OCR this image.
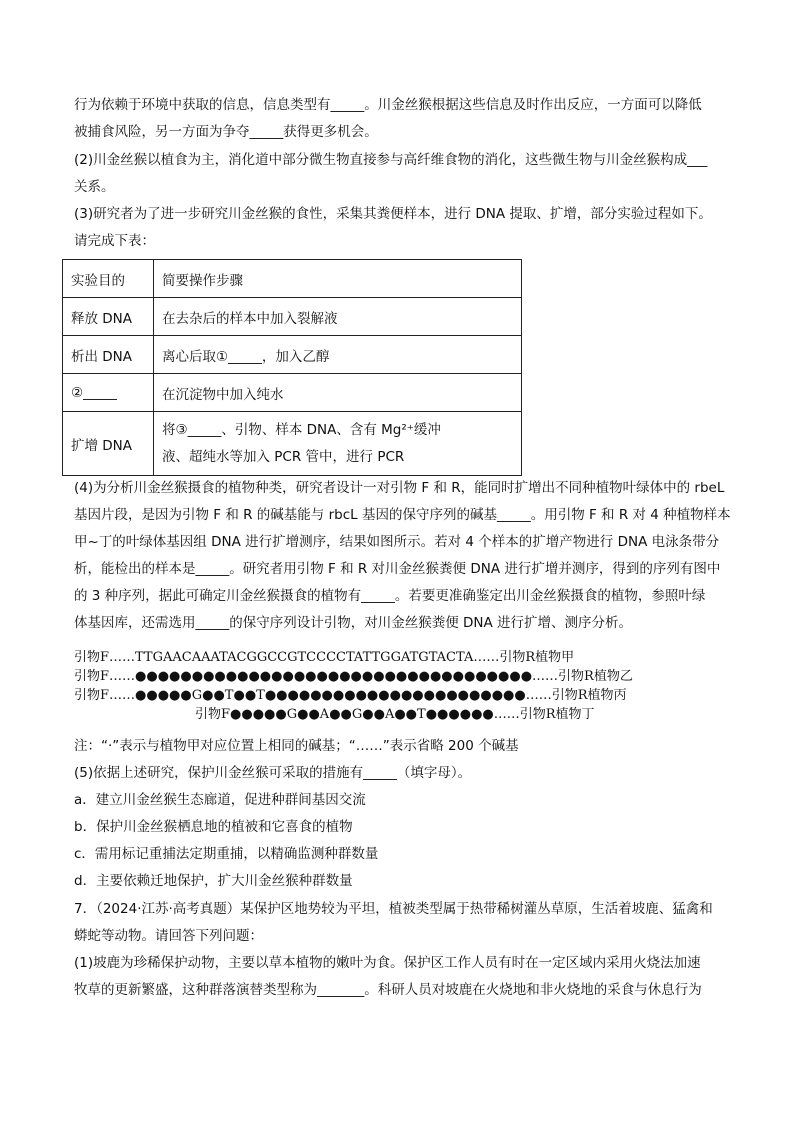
行为依赖于环境中获取的信息，信息类型有_____。川金丝猴根据这些信息及时作出反应，一方面可以降低
被捕食风险，另一方面为争夺_____获得更多机会。
(2)川金丝猴以植食为主，消化道中部分微生物直接参与高纤维食物的消化，这些微生物与川金丝猴构成___
关系。
(3)研究者为了进一步研究川金丝猴的食性，采集其粪便样本，进行 DNA 提取、扩增，部分实验过程如下。
请完成下表：
实验目的	简要操作步骤
释放 DNA	在去杂后的样本中加入裂解液
析出 DNA	离心后取①_____，加入乙醇
②_____	在沉淀物中加入纯水
扩增 DNA	将③_____、引物、样本 DNA、含有 Mg²⁺缓冲
液、超纯水等加入 PCR 管中，进行 PCR
(4)为分析川金丝猴摄食的植物种类，研究者设计一对引物 F 和 R，能同时扩增出不同种植物叶绿体中的 rbeL
基因片段，是因为引物 F 和 R 的碱基能与 rbcL 基因的保守序列的碱基_____。用引物 F 和 R 对 4 种植物样本
甲~丁的叶绿体基因组 DNA 进行扩增测序，结果如图所示。若对 4 个样本的扩增产物进行 DNA 电泳条带分
析，能检出的样本是_____。研究者用引物 F 和 R 对川金丝猴粪便 DNA 进行扩增并测序，得到的序列有图中
的 3 种序列，据此可确定川金丝猴摄食的植物有_____。若要更准确鉴定出川金丝猴摄食的植物，参照叶绿
体基因库，还需选用_____的保守序列设计引物，对川金丝猴粪便 DNA 进行扩增、测序分析。
引物F……TTGAACAAATACGGCCGTCCCCTATTGGATGTACTA……引物R植物甲
引物F……●●●●●●●●●●●●●●●●●●●●●●●●●●●●●●●●●●●……引物R植物乙
引物F……●●●●●G●●T●●T●●●●●●●●●●●●●●●●●●●●●●●……引物R植物丙
引物F●●●●●G●●A●●G●●A●●T●●●●●●……引物R植物丁
注：“·”表示与植物甲对应位置上相同的碱基；“……”表示省略 200 个碱基
(5)依据上述研究，保护川金丝猴可采取的措施有_____（填字母）。
a．建立川金丝猴生态廊道，促进种群间基因交流
b．保护川金丝猴栖息地的植被和它喜食的植物
c．需用标记重捕法定期重捕，以精确监测种群数量
d．主要依赖迁地保护，扩大川金丝猴种群数量
7．（2024·江苏·高考真题）某保护区地势较为平坦，植被类型属于热带稀树灌丛草原，生活着坡鹿、猛禽和
蟒蛇等动物。请回答下列问题：
(1)坡鹿为珍稀保护动物，主要以草本植物的嫩叶为食。保护区工作人员有时在一定区域内采用火烧法加速
牧草的更新繁盛，这种群落演替类型称为_______。科研人员对坡鹿在火烧地和非火烧地的采食与休息行为
